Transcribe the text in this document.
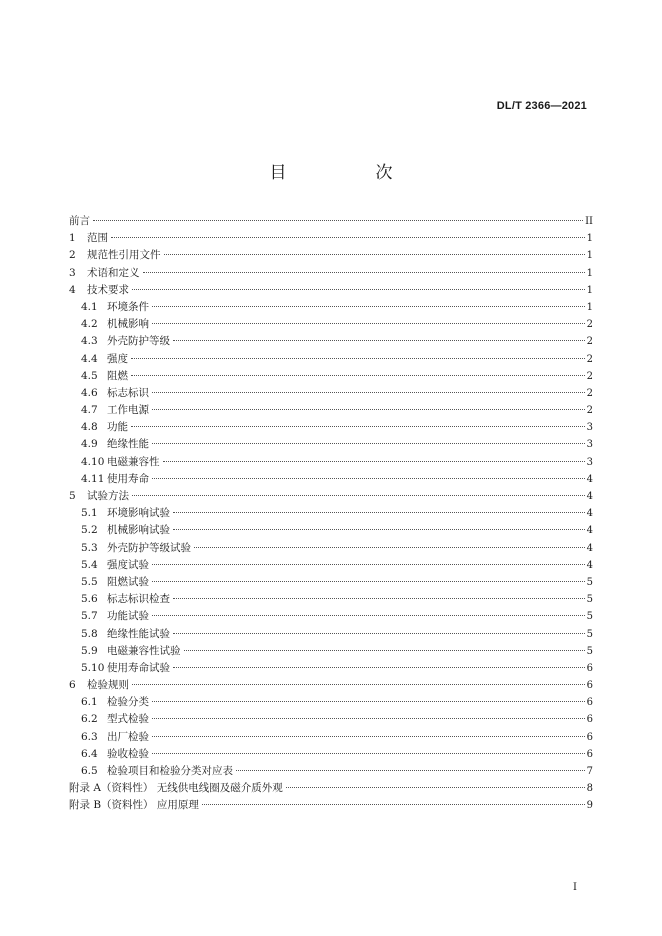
DL/T 2366—2021
目　次
前言	II
1	范围	1
2	规范性引用文件	1
3	术语和定义	1
4	技术要求	1
4.1 环境条件	1
4.2 机械影响	2
4.3 外壳防护等级	2
4.4 强度	2
4.5 阻燃	2
4.6 标志标识	2
4.7 工作电源	2
4.8 功能	3
4.9 绝缘性能	3
4.10 电磁兼容性	3
4.11 使用寿命	4
5	试验方法	4
5.1 环境影响试验	4
5.2 机械影响试验	4
5.3 外壳防护等级试验	4
5.4 强度试验	4
5.5 阻燃试验	5
5.6 标志标识检查	5
5.7 功能试验	5
5.8 绝缘性能试验	5
5.9 电磁兼容性试验	5
5.10 使用寿命试验	6
6	检验规则	6
6.1 检验分类	6
6.2 型式检验	6
6.3 出厂检验	6
6.4 验收检验	6
6.5 检验项目和检验分类对应表	7
附录 A（资料性） 无线供电线圈及磁介质外观	8
附录 B（资料性） 应用原理	9
I
